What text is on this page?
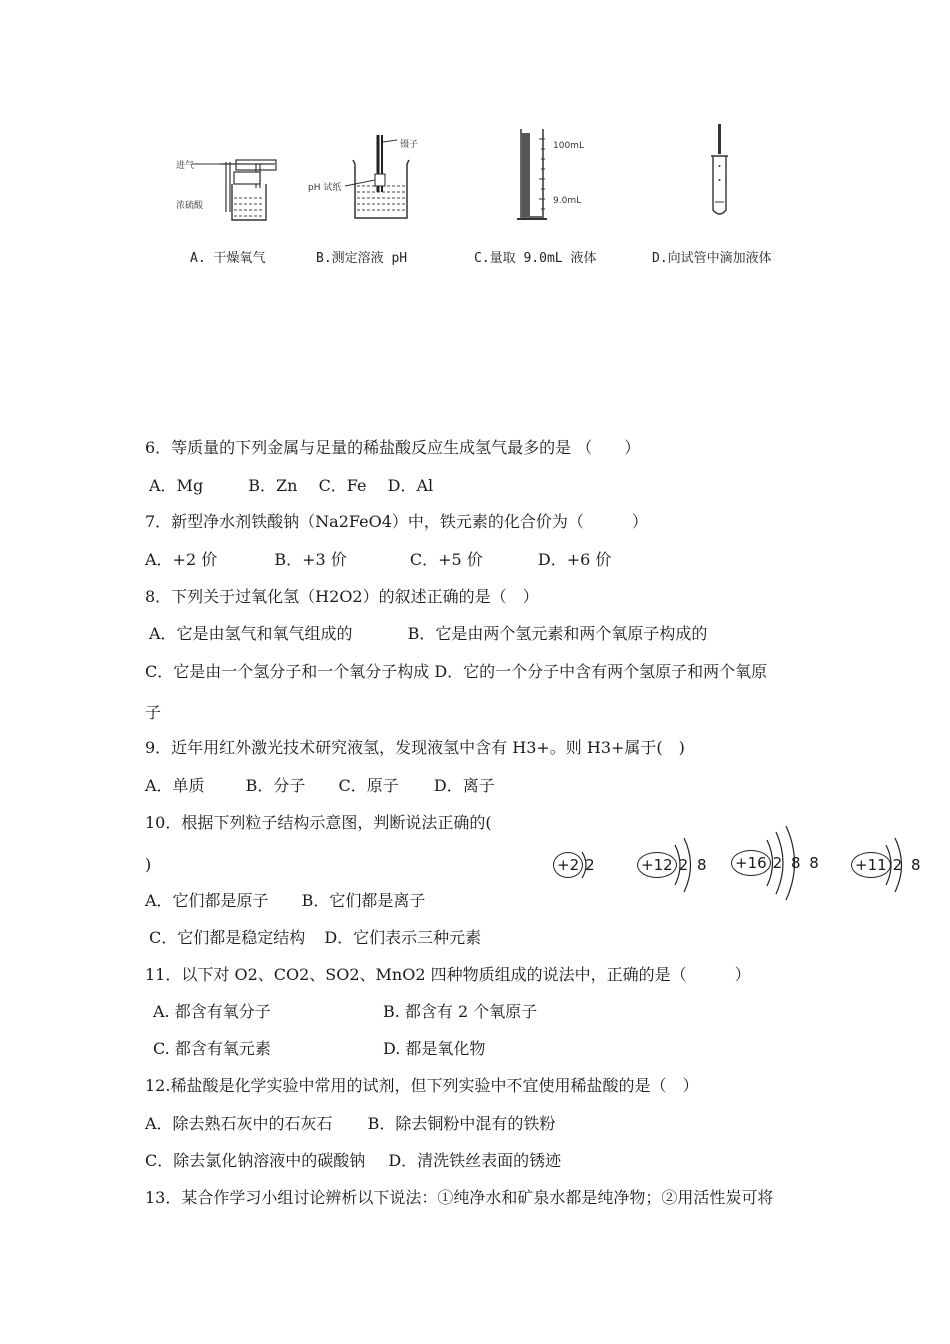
进气
浓硫酸
A. 干燥氧气
镊子
pH 试纸
B.测定溶液 pH
100mL
9.0mL
C.量取 9.0mL 液体	D.向试管中滴加液体
6．等质量的下列金属与足量的稀盐酸反应生成氢气最多的是 （　　）
A．Mg	B．Zn C．Fe D．Al
7．新型净水剂铁酸钠（Na2FeO4）中，铁元素的化合价为（　　　）
A．+2 价	B．+3 价	C．+5 价	D．+6 价
8．下列关于过氧化氢（H2O2）的叙述正确的是（　）
A．它是由氢气和氧气组成的	B．它是由两个氢元素和两个氧原子构成的
C．它是由一个氢分子和一个氧分子构成 D．它的一个分子中含有两个氢原子和两个氧原
子
9．近年用红外激光技术研究液氢，发现液氢中含有 H3+。则 H3+属于(　)
A．单质	B．分子 C．原子 D．离子
10．根据下列粒子结构示意图，判断说法正确的(
)	+2 2	+12 2 8 +16 2 8 8 +11 2 8
A．它们都是原子 B．它们都是离子
C．它们都是稳定结构 D．它们表示三种元素
11．以下对 O2、CO2、SO2、MnO2 四种物质组成的说法中，正确的是（　　　）
A. 都含有氧分子	B. 都含有 2 个氧原子
C. 都含有氧元素	D. 都是氧化物
12.稀盐酸是化学实验中常用的试剂，但下列实验中不宜使用稀盐酸的是（　）
A．除去熟石灰中的石灰石 B．除去铜粉中混有的铁粉
C．除去氯化钠溶液中的碳酸钠 D．清洗铁丝表面的锈迹
13．某合作学习小组讨论辨析以下说法：①纯净水和矿泉水都是纯净物；②用活性炭可将
